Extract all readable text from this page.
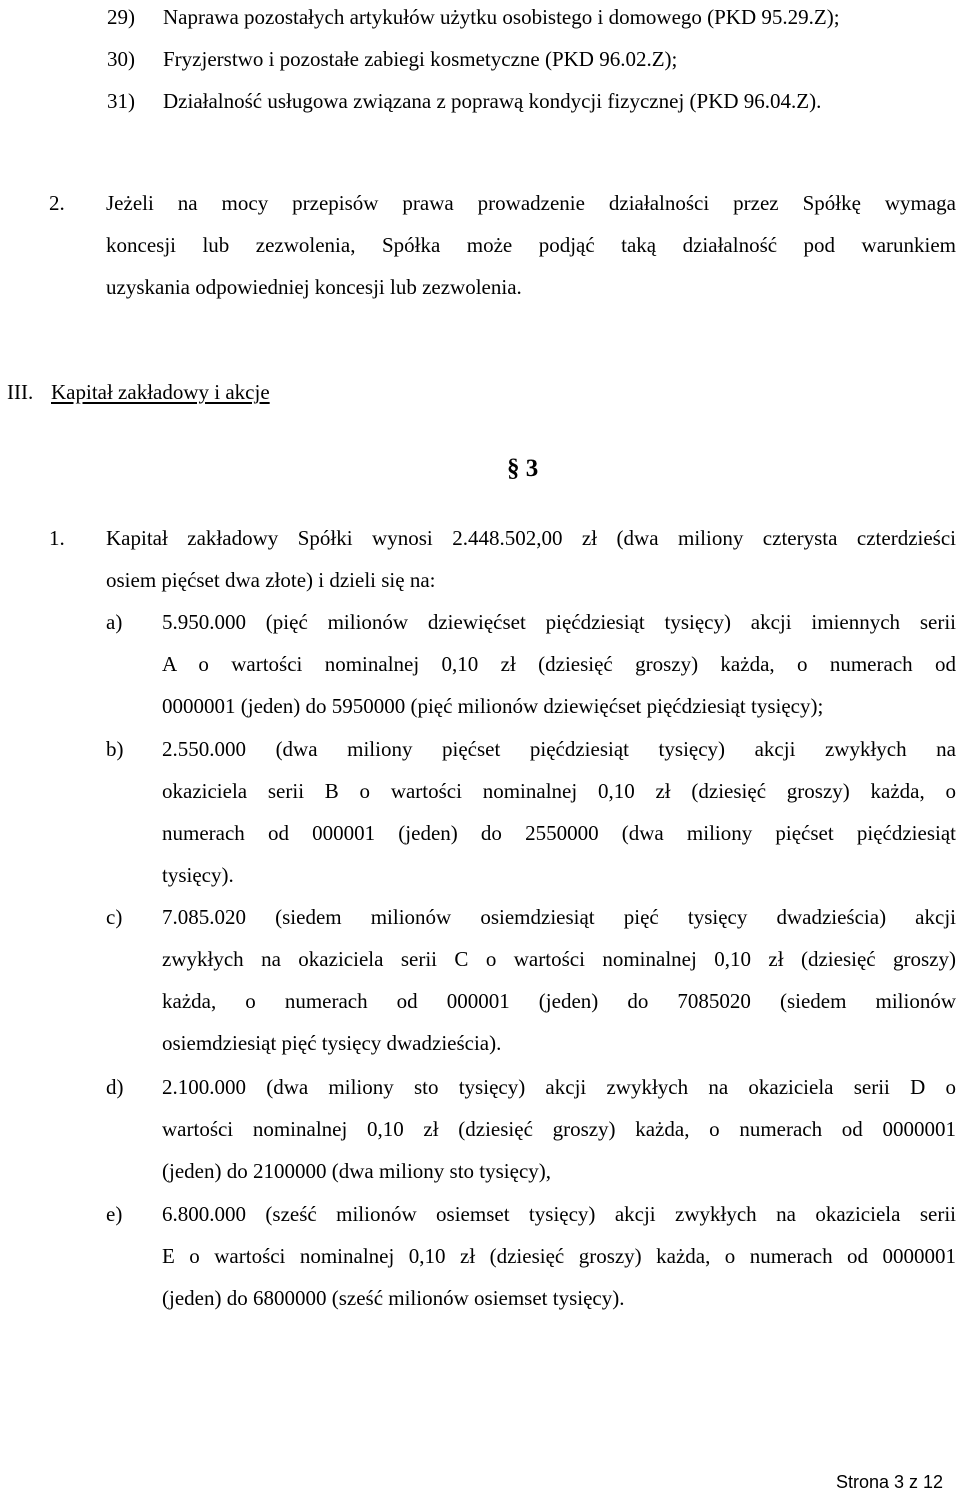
29) Naprawa pozostałych artykułów użytku osobistego i domowego (PKD 95.29.Z);
30) Fryzjerstwo i pozostałe zabiegi kosmetyczne (PKD 96.02.Z);
31) Działalność usługowa związana z poprawą kondycji fizycznej (PKD 96.04.Z).
2. Jeżeli na mocy przepisów prawa prowadzenie działalności przez Spółkę wymaga
koncesji lub zezwolenia, Spółka może podjąć taką działalność pod warunkiem
uzyskania odpowiedniej koncesji lub zezwolenia.
III. Kapitał zakładowy i akcje
§ 3
1. Kapitał zakładowy Spółki wynosi 2.448.502,00 zł (dwa miliony czterysta czterdzieści
osiem pięćset dwa złote) i dzieli się na:
a) 5.950.000 (pięć milionów dziewięćset pięćdziesiąt tysięcy) akcji imiennych serii
A o wartości nominalnej 0,10 zł (dziesięć groszy) każda, o numerach od
0000001 (jeden) do 5950000 (pięć milionów dziewięćset pięćdziesiąt tysięcy);
b) 2.550.000 (dwa miliony pięćset pięćdziesiąt tysięcy) akcji zwykłych na
okaziciela serii B o wartości nominalnej 0,10 zł (dziesięć groszy) każda, o
numerach od 000001 (jeden) do 2550000 (dwa miliony pięćset pięćdziesiąt
tysięcy).
c) 7.085.020 (siedem milionów osiemdziesiąt pięć tysięcy dwadzieścia) akcji
zwykłych na okaziciela serii C o wartości nominalnej 0,10 zł (dziesięć groszy)
każda, o numerach od 000001 (jeden) do 7085020 (siedem milionów
osiemdziesiąt pięć tysięcy dwadzieścia).
d) 2.100.000 (dwa miliony sto tysięcy) akcji zwykłych na okaziciela serii D o
wartości nominalnej 0,10 zł (dziesięć groszy) każda, o numerach od 0000001
(jeden) do 2100000 (dwa miliony sto tysięcy),
e) 6.800.000 (sześć milionów osiemset tysięcy) akcji zwykłych na okaziciela serii
E o wartości nominalnej 0,10 zł (dziesięć groszy) każda, o numerach od 0000001
(jeden) do 6800000 (sześć milionów osiemset tysięcy).
Strona 3 z 12
